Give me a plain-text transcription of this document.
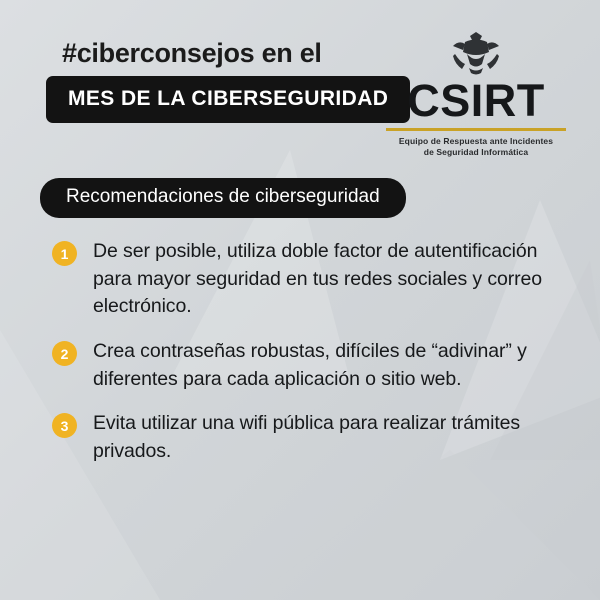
#ciberconsejos en el
MES DE LA CIBERSEGURIDAD CSIRT
Equipo de Respuesta ante Incidentes
de Seguridad Informática
Recomendaciones de ciberseguridad
1	De ser posible, utiliza doble factor de autentificación para mayor seguridad en tus redes sociales y correo electrónico.
2	Crea contraseñas robustas, difíciles de “adivinar” y diferentes para cada aplicación o sitio web.
3	Evita utilizar una wifi pública para realizar trámites privados.
